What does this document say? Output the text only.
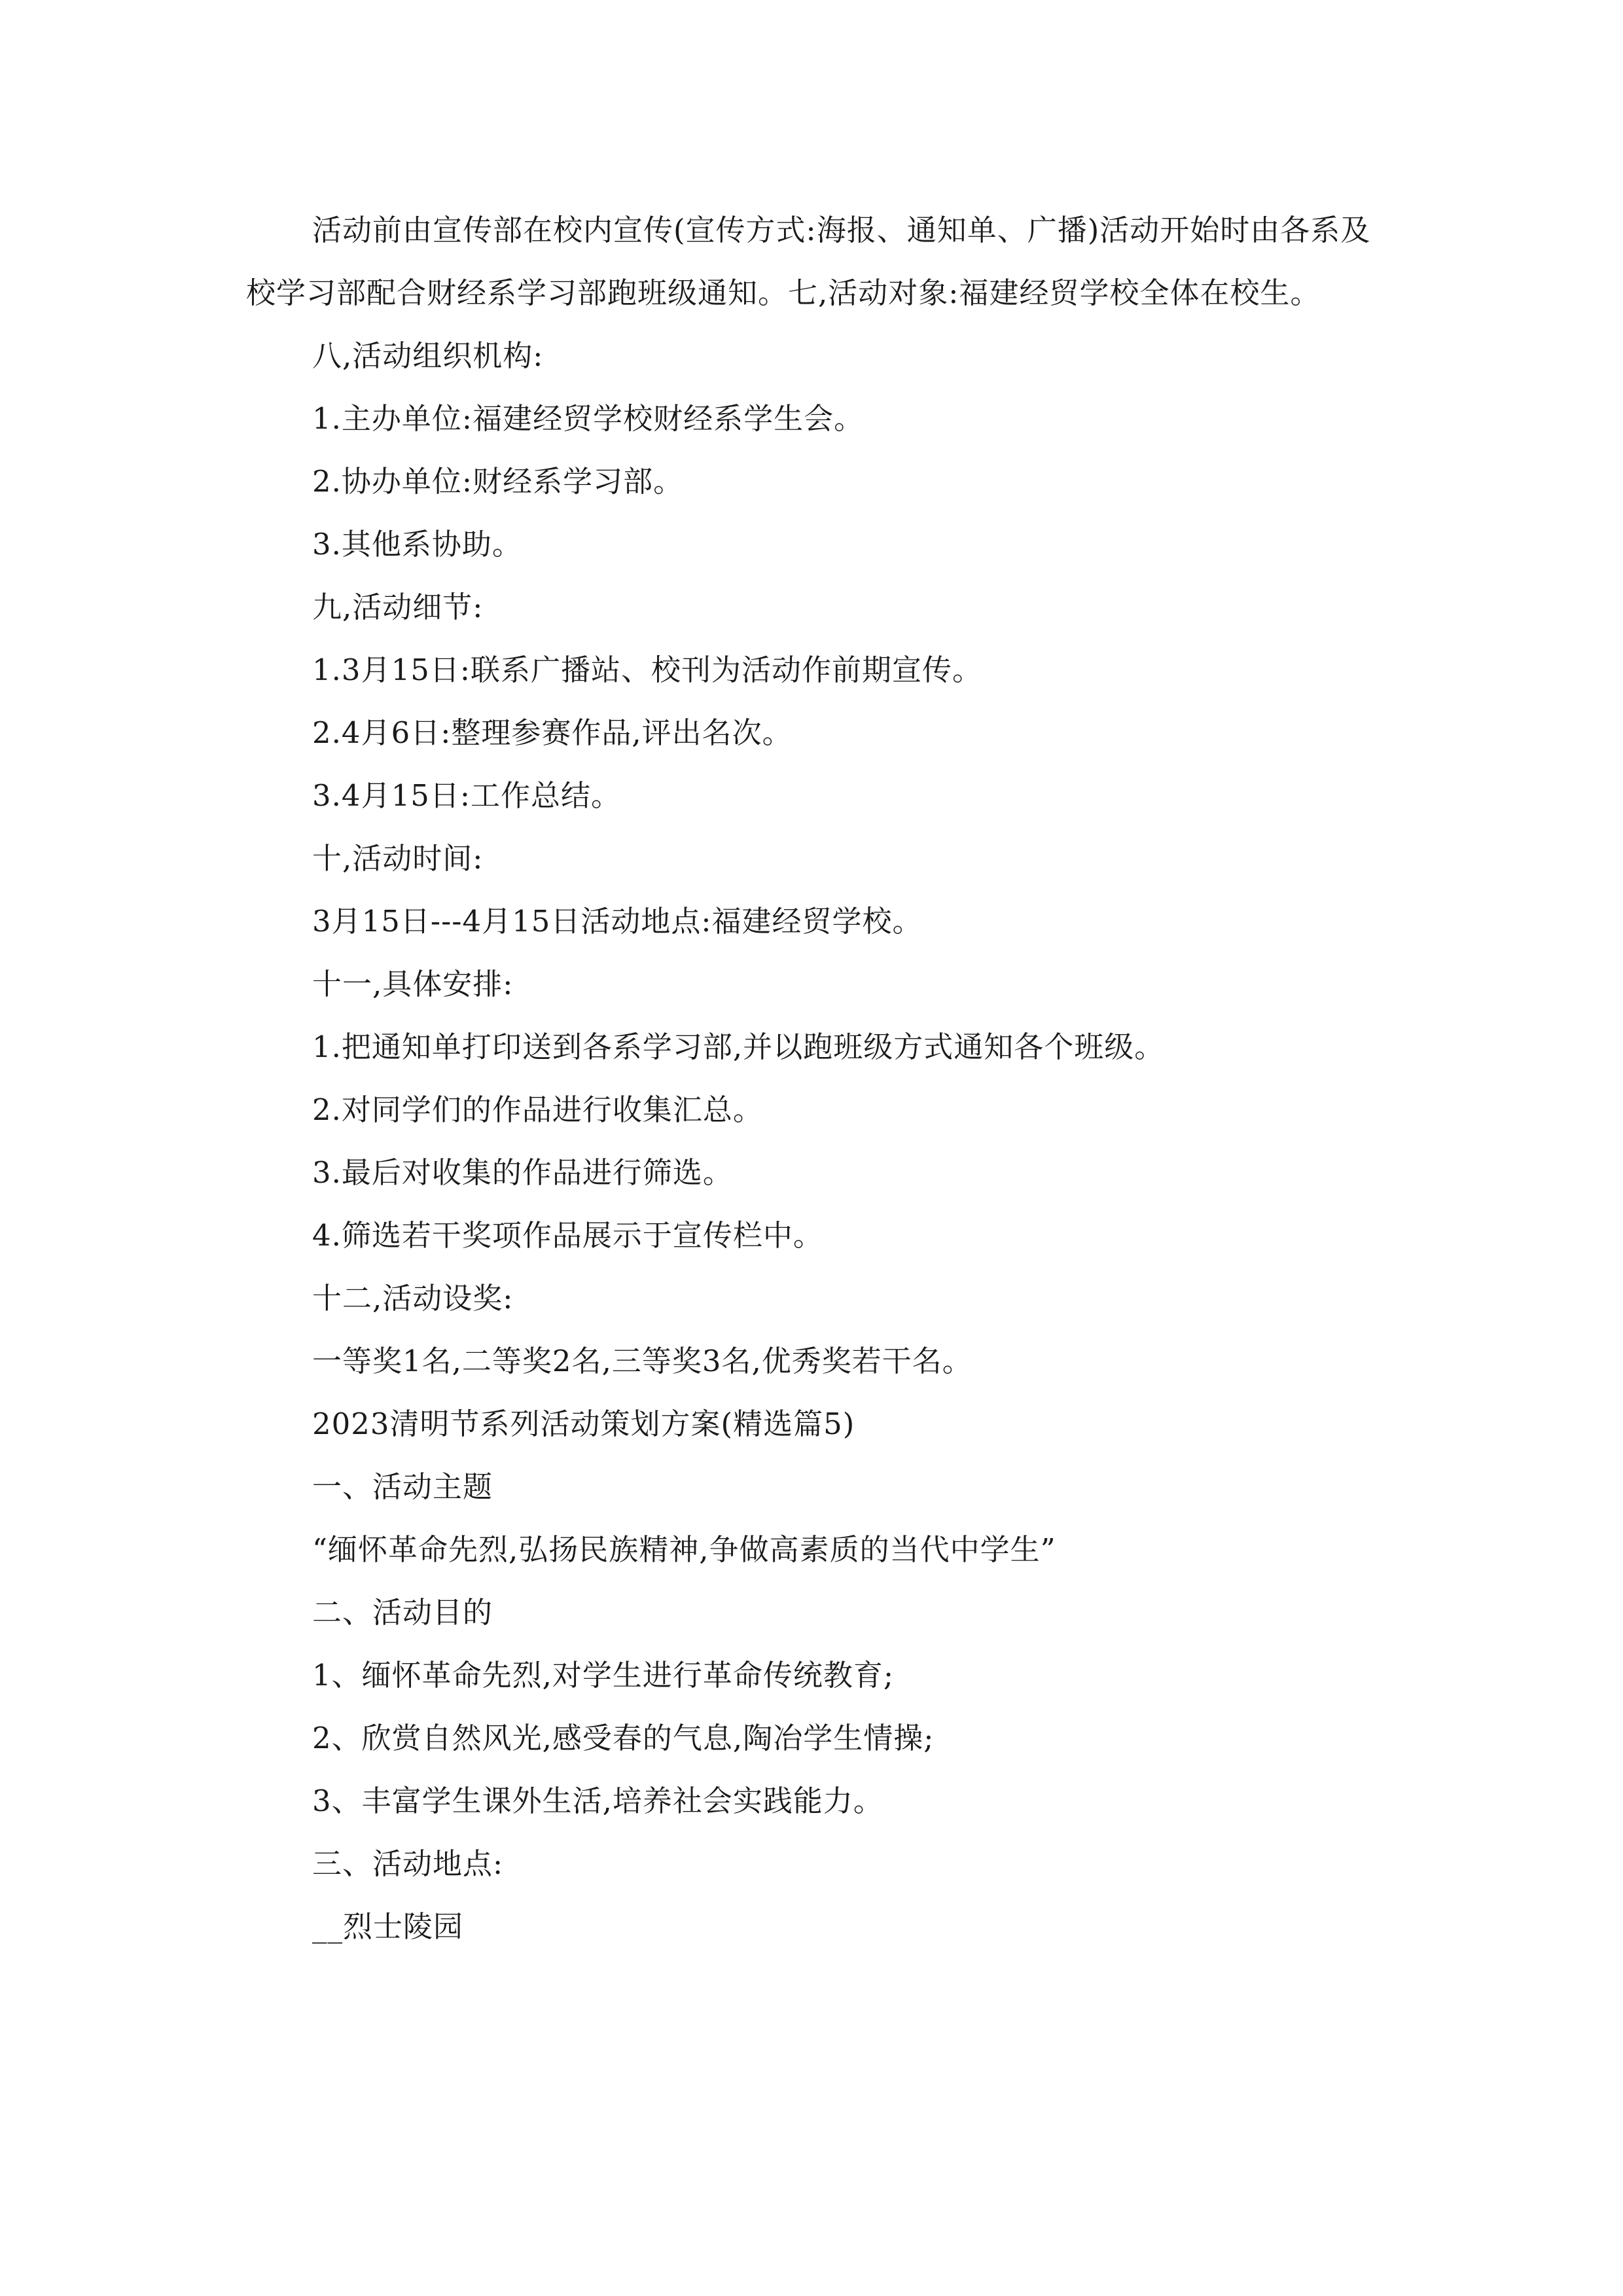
活动前由宣传部在校内宣传(宣传方式:海报、通知单、广播)活动开始时由各系及校学习部配合财经系学习部跑班级通知。七,活动对象:福建经贸学校全体在校生。

八,活动组织机构:

1.主办单位:福建经贸学校财经系学生会。

2.协办单位:财经系学习部。

3.其他系协助。

九,活动细节:

1.3月15日:联系广播站、校刊为活动作前期宣传。

2.4月6日:整理参赛作品,评出名次。

3.4月15日:工作总结。

十,活动时间:

3月15日---4月15日活动地点:福建经贸学校。

十一,具体安排:

1.把通知单打印送到各系学习部,并以跑班级方式通知各个班级。

2.对同学们的作品进行收集汇总。

3.最后对收集的作品进行筛选。

4.筛选若干奖项作品展示于宣传栏中。

十二,活动设奖:

一等奖1名,二等奖2名,三等奖3名,优秀奖若干名。

2023清明节系列活动策划方案(精选篇5)

一、活动主题

“缅怀革命先烈,弘扬民族精神,争做高素质的当代中学生”

二、活动目的

1、缅怀革命先烈,对学生进行革命传统教育;

2、欣赏自然风光,感受春的气息,陶冶学生情操;

3、丰富学生课外生活,培养社会实践能力。

三、活动地点:

__烈士陵园
